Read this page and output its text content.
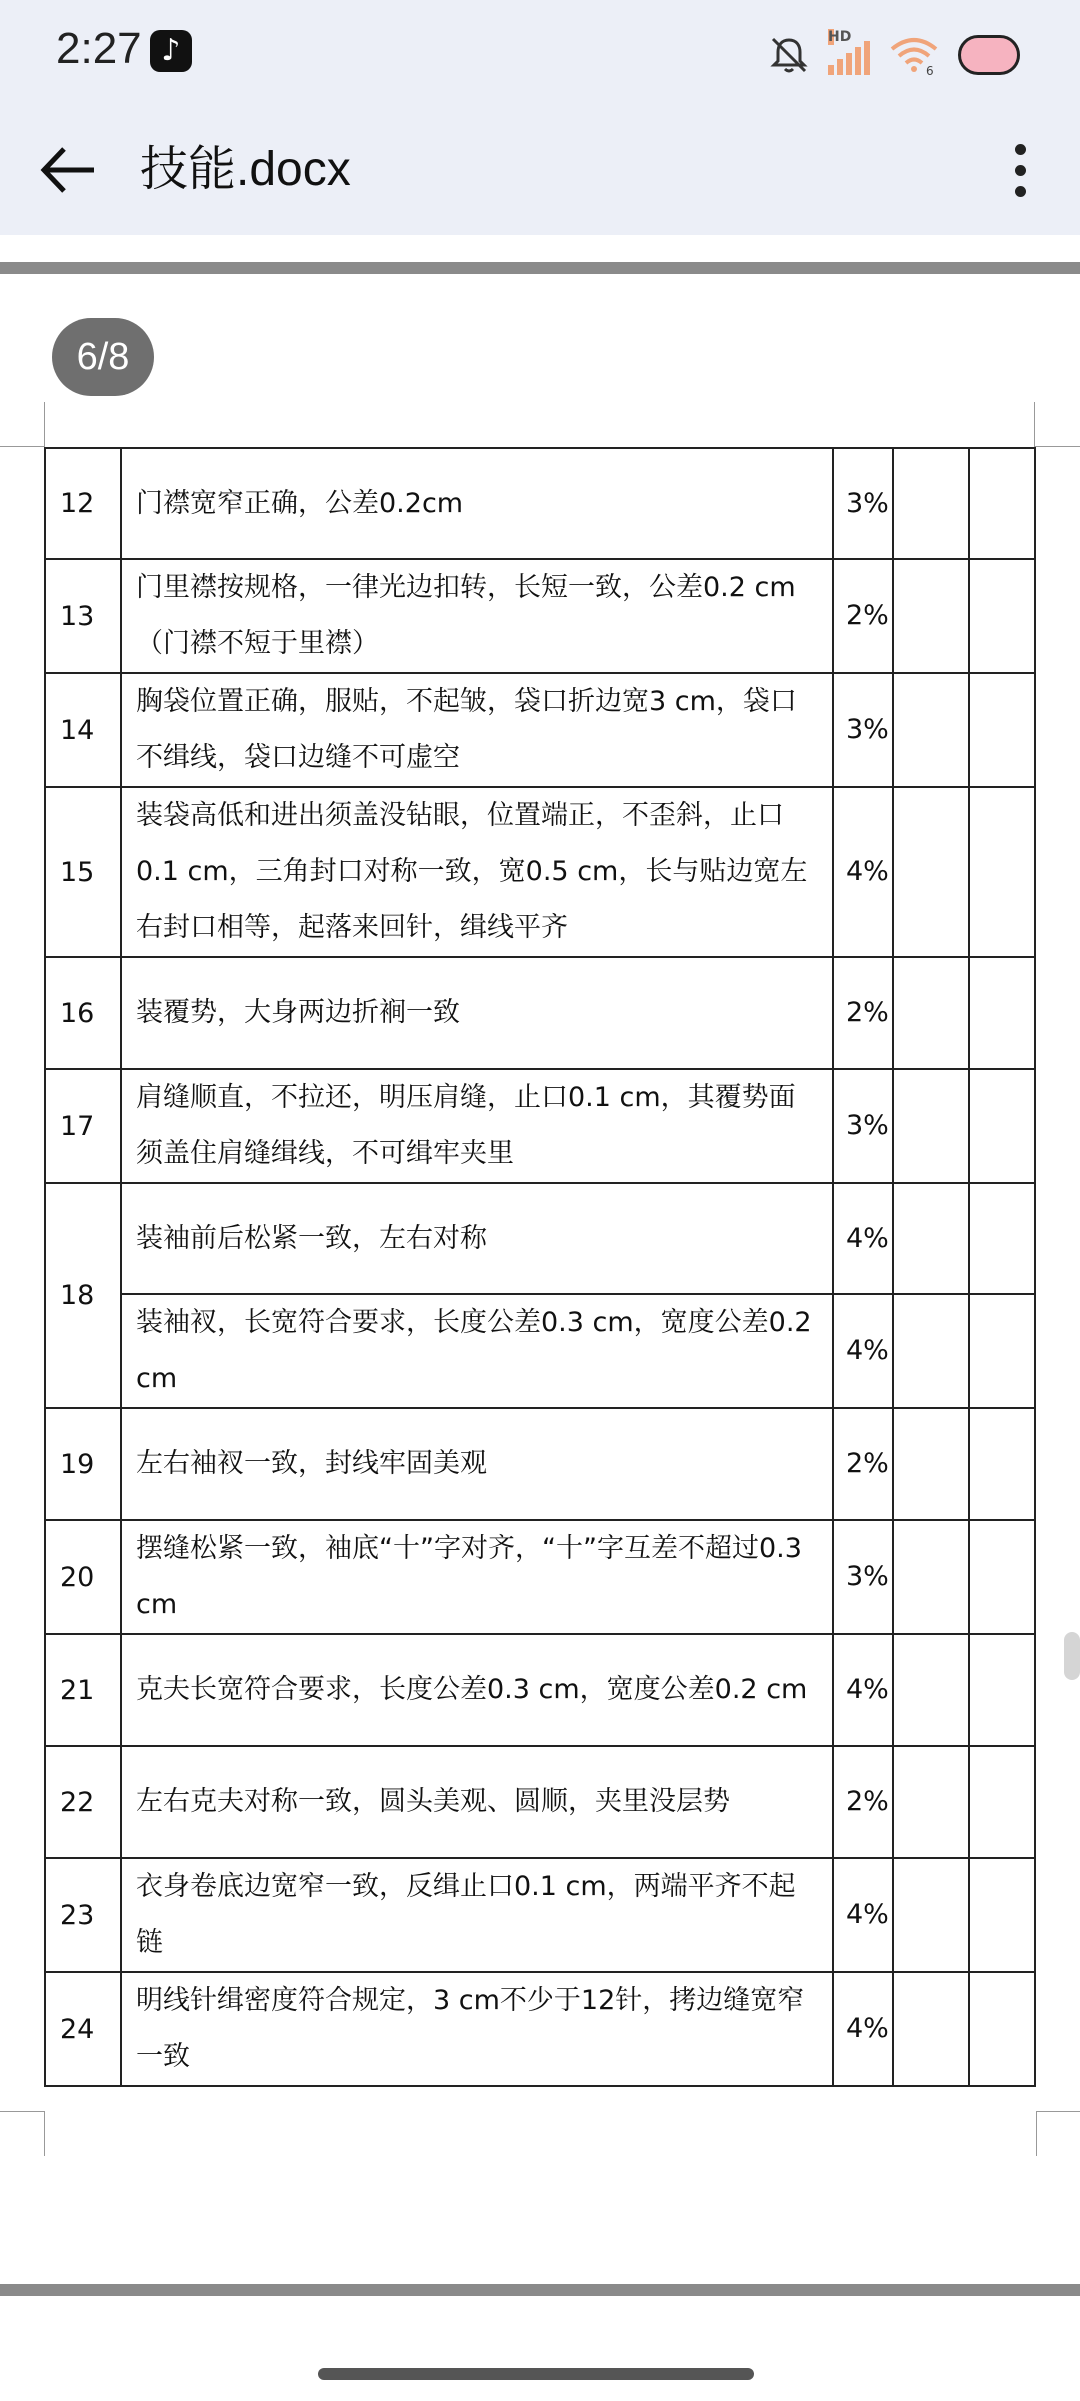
2:27 ♪	HD
6
技能.docx
6/8
12	门襟宽窄正确，公差0.2cm	3%		
13	门里襟按规格，一律光边扣转，长短一致，公差0.2 cm（门襟不短于里襟）	2%		
14	胸袋位置正确，服贴，不起皱，袋口折边宽3 cm，袋口不缉线，袋口边缝不可虚空	3%		
15	装袋高低和进出须盖没钻眼，位置端正，不歪斜，止口0.1 cm，三角封口对称一致，宽0.5 cm，长与贴边宽左右封口相等，起落来回针，缉线平齐	4%		
16	装覆势，大身两边折裥一致	2%		
17	肩缝顺直，不拉还，明压肩缝，止口0.1 cm，其覆势面须盖住肩缝缉线，不可缉牢夹里	3%		
18	装袖前后松紧一致，左右对称	4%		
	装袖衩，长宽符合要求，长度公差0.3 cm，宽度公差0.2 cm	4%		
19	左右袖衩一致，封线牢固美观	2%		
20	摆缝松紧一致，袖底“十”字对齐，“十”字互差不超过0.3 cm	3%		
21	克夫长宽符合要求，长度公差0.3 cm，宽度公差0.2 cm	4%		
22	左右克夫对称一致，圆头美观、圆顺，夹里没层势	2%		
23	衣身卷底边宽窄一致，反缉止口0.1 cm，两端平齐不起链	4%		
24	明线针缉密度符合规定，3 cm不少于12针，拷边缝宽窄一致	4%		
